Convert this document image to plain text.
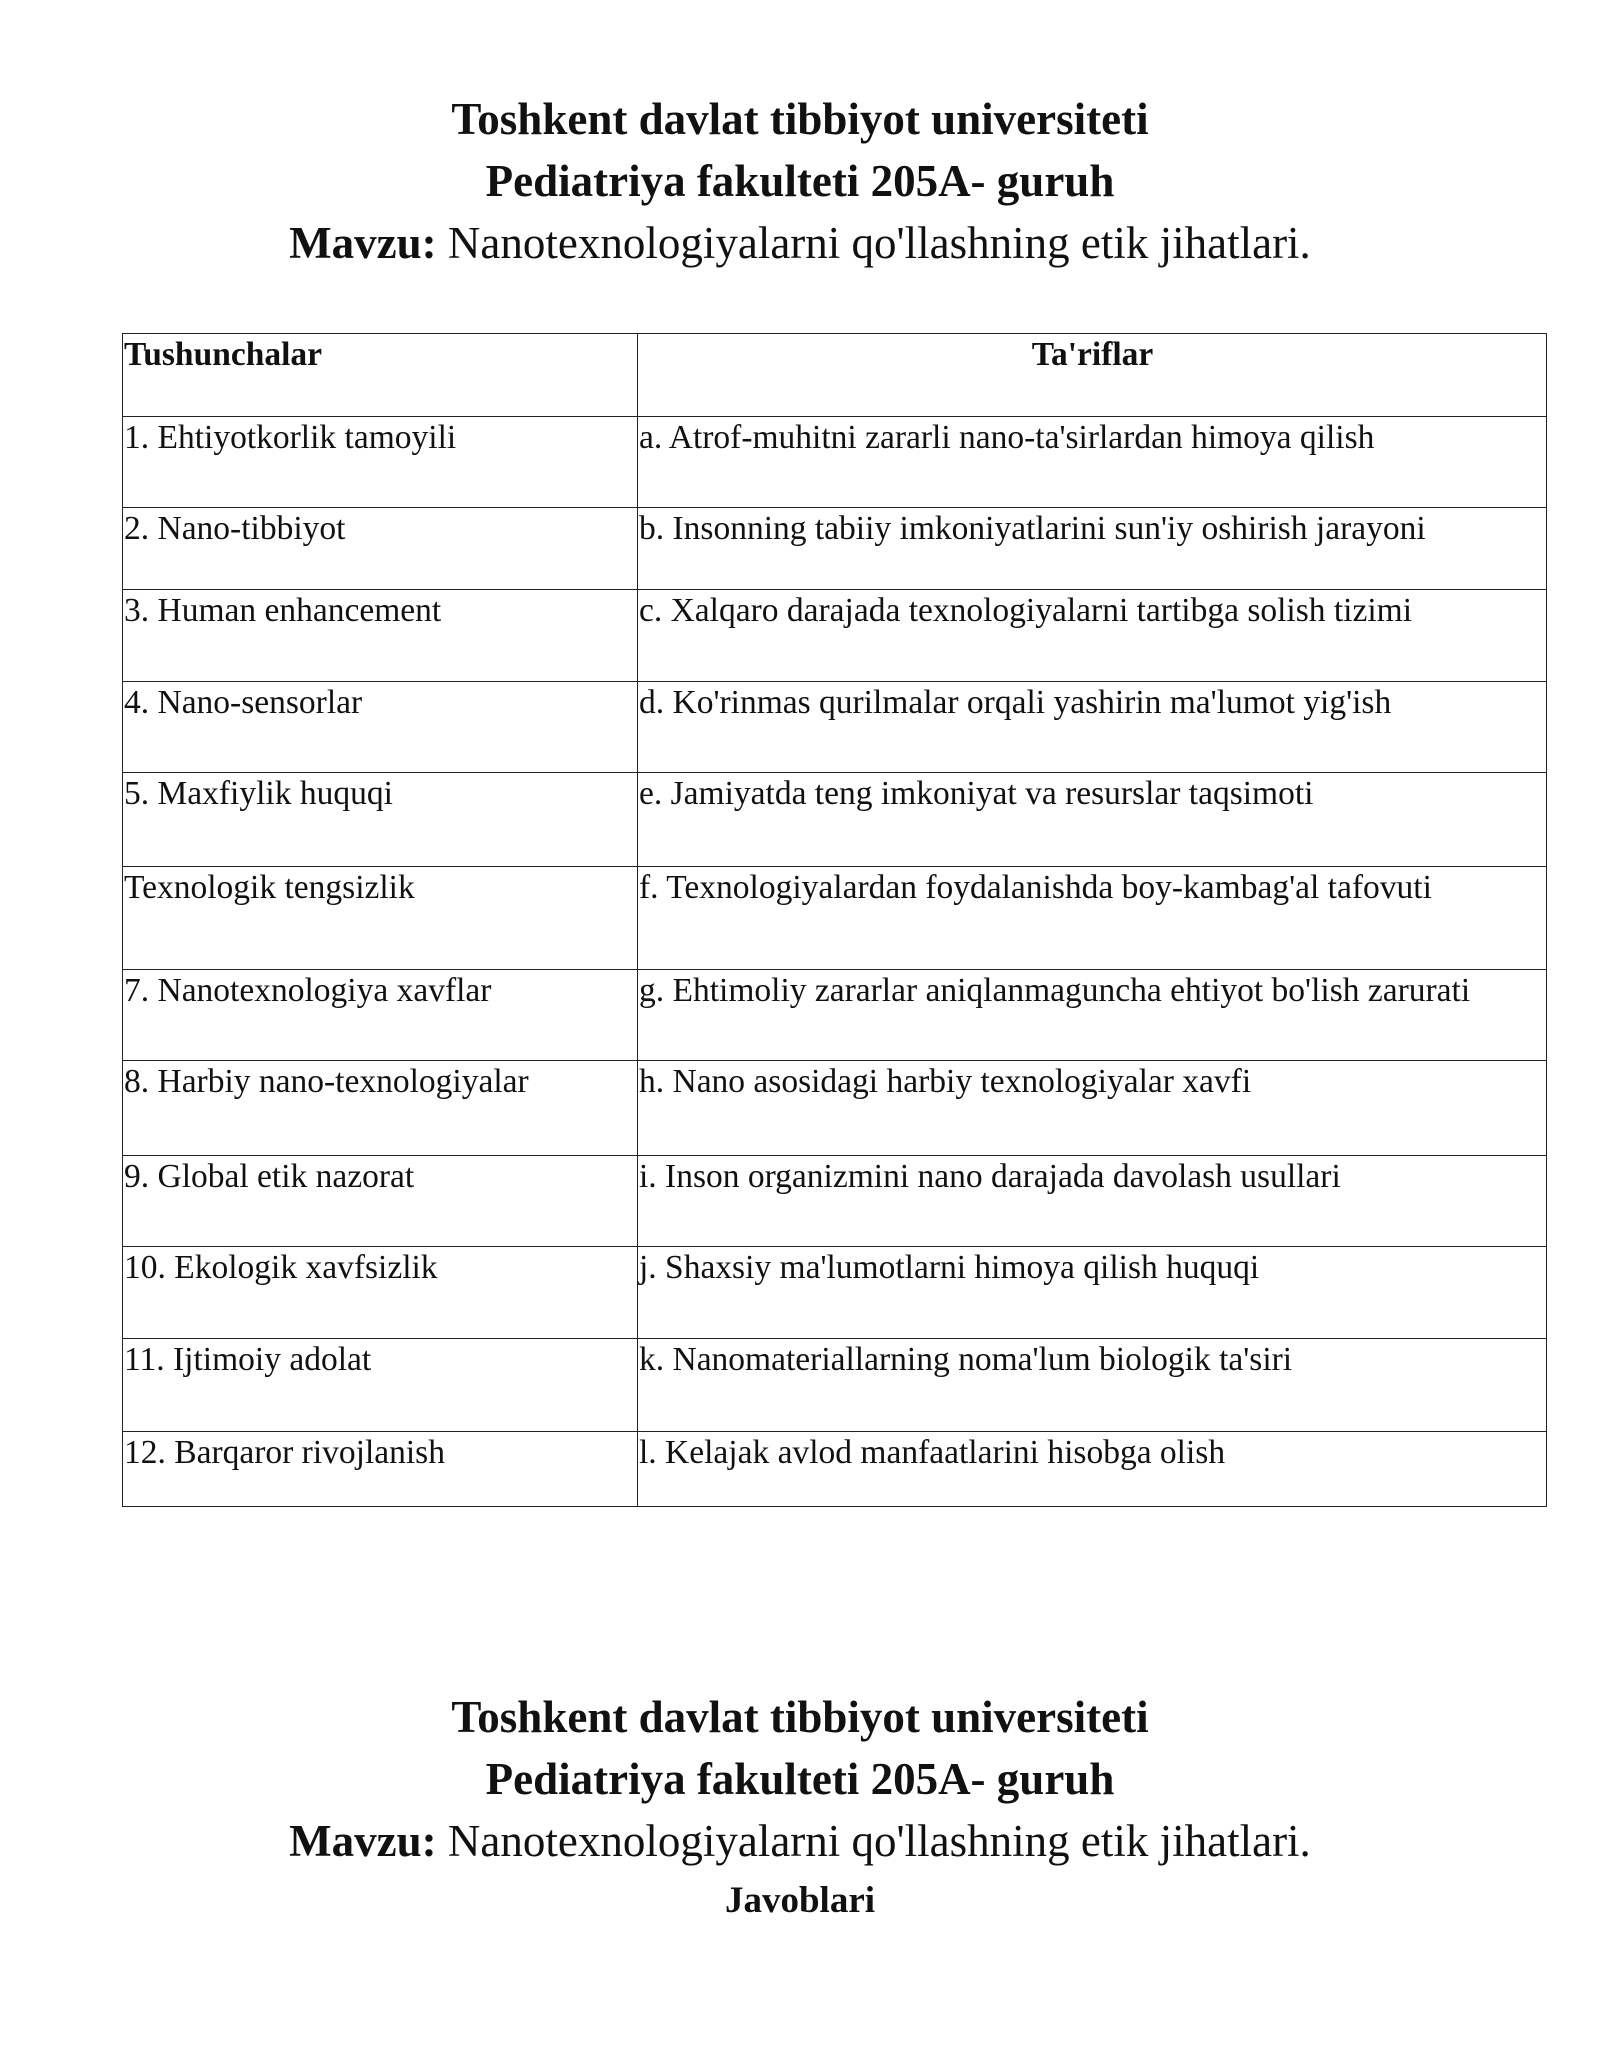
Toshkent davlat tibbiyot universiteti
Pediatriya fakulteti 205A- guruh
Mavzu: Nanotexnologiyalarni qo'llashning etik jihatlari.
Tushunchalar	Ta'riflar
1. Ehtiyotkorlik tamoyili	a. Atrof-muhitni zararli nano-ta'sirlardan himoya qilish
2. Nano-tibbiyot	b. Insonning tabiiy imkoniyatlarini sun'iy oshirish jarayoni
3. Human enhancement	c. Xalqaro darajada texnologiyalarni tartibga solish tizimi
4. Nano-sensorlar	d. Ko'rinmas qurilmalar orqali yashirin ma'lumot yig'ish
5. Maxfiylik huquqi	e. Jamiyatda teng imkoniyat va resurslar taqsimoti
Texnologik tengsizlik	f. Texnologiyalardan foydalanishda boy-kambag'al tafovuti
7. Nanotexnologiya xavflar	g. Ehtimoliy zararlar aniqlanmaguncha ehtiyot bo'lish zarurati
8. Harbiy nano-texnologiyalar	h. Nano asosidagi harbiy texnologiyalar xavfi
9. Global etik nazorat	i. Inson organizmini nano darajada davolash usullari
10. Ekologik xavfsizlik	j. Shaxsiy ma'lumotlarni himoya qilish huquqi
11. Ijtimoiy adolat	k. Nanomateriallarning noma'lum biologik ta'siri
12. Barqaror rivojlanish	l. Kelajak avlod manfaatlarini hisobga olish
Toshkent davlat tibbiyot universiteti
Pediatriya fakulteti 205A- guruh
Mavzu: Nanotexnologiyalarni qo'llashning etik jihatlari.
Javoblari
